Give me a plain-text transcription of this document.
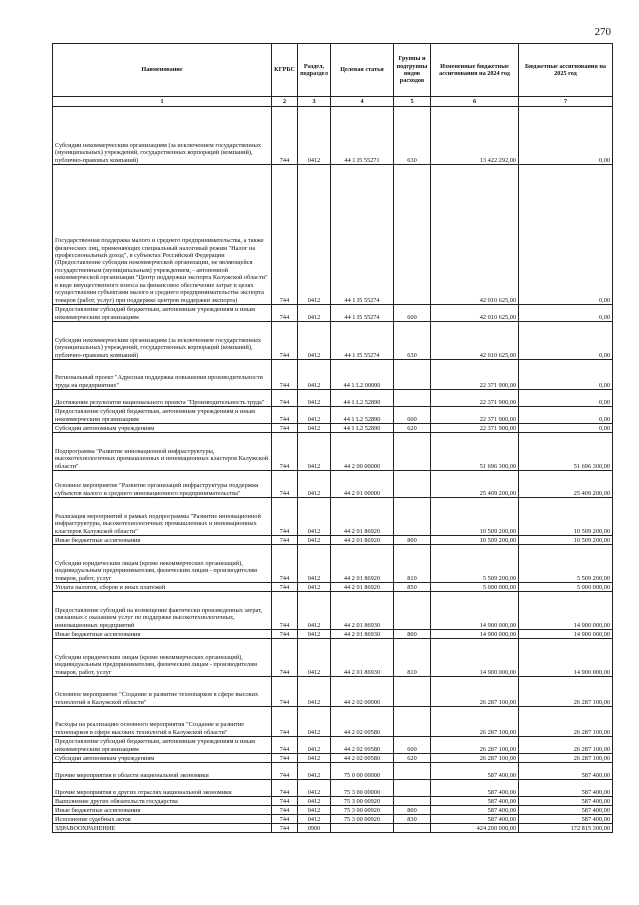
270
Наименование	КГРБС	Раздел, подраздел	Целевая статья	Группы и подгруппы видов расходов	Измененные бюджетные ассигнования на 2024 год	Бюджетные ассигнования на 2025 год
1	2	3	4	5	6	7
Субсидии некоммерческим организациям (за исключением государственных (муниципальных) учреждений, государственных корпораций (компаний), публично-правовых компаний)	744	0412	44 1 I5 55271	630	13 422 292,00	0,00
Государственная поддержка малого и среднего предпринимательства, а также физических лиц, применяющих специальный налоговый режим "Налог на профессиональный доход", в субъектах Российской Федерации (Предоставление субсидии некоммерческой организации, не являющейся государственным (муниципальным) учреждением, - автономной некоммерческой организации "Центр поддержки экспорта Калужской области" в виде имущественного взноса на финансовое обеспечение затрат в целях осуществления субъектами малого и среднего предпринимательства экспорта товаров (работ, услуг) при поддержке центров поддержки экспорта)	744	0412	44 1 I5 55274		42 010 625,00	0,00
Предоставление субсидий бюджетным, автономным учреждениям и иным некоммерческим организациям	744	0412	44 1 I5 55274	600	42 010 625,00	0,00
Субсидии некоммерческим организациям (за исключением государственных (муниципальных) учреждений, государственных корпораций (компаний), публично-правовых компаний)	744	0412	44 1 I5 55274	630	42 010 625,00	0,00
Региональный проект "Адресная поддержка повышения производительности труда на предприятиях"	744	0412	44 1 L2 00000		22 371 900,00	0,00
Достижение результатов национального проекта "Производительность труда"	744	0412	44 1 L2 52890		22 371 900,00	0,00
Предоставление субсидий бюджетным, автономным учреждениям и иным некоммерческим организациям	744	0412	44 1 L2 52890	600	22 371 900,00	0,00
Субсидии автономным учреждениям	744	0412	44 1 L2 52890	620	22 371 900,00	0,00
Подпрограмма "Развитие инновационной инфраструктуры, высокотехнологичных промышленных и инновационных кластеров Калужской области"	744	0412	44 2 00 00000		51 696 300,00	51 696 300,00
Основное мероприятие "Развитие организаций инфраструктуры поддержки субъектов малого и среднего инновационного предпринимательства"	744	0412	44 2 01 00000		25 409 200,00	25 409 200,00
Реализация мероприятий в рамках подпрограммы "Развитие инновационной инфраструктуры, высокотехнологичных промышленных и инновационных кластеров Калужской области"	744	0412	44 2 01 86920		10 509 200,00	10 509 200,00
Иные бюджетные ассигнования	744	0412	44 2 01 86920	800	10 509 200,00	10 509 200,00
Субсидии юридическим лицам (кроме некоммерческих организаций), индивидуальным предпринимателям, физическим лицам - производителям товаров, работ, услуг	744	0412	44 2 01 86920	810	5 509 200,00	5 509 200,00
Уплата налогов, сборов и иных платежей	744	0412	44 2 01 86920	850	5 000 000,00	5 000 000,00
Предоставление субсидий на возмещение фактически произведенных затрат, связанных с оказанием услуг по поддержке высокотехнологичных, инновационных предприятий	744	0412	44 2 01 86930		14 900 000,00	14 900 000,00
Иные бюджетные ассигнования	744	0412	44 2 01 86930	800	14 900 000,00	14 900 000,00
Субсидии юридическим лицам (кроме некоммерческих организаций), индивидуальным предпринимателям, физическим лицам - производителям товаров, работ, услуг	744	0412	44 2 01 86930	810	14 900 000,00	14 900 000,00
Основное мероприятие "Создание и развитие технопарков в сфере высоких технологий в Калужской области"	744	0412	44 2 02 00000		26 287 100,00	26 287 100,00
Расходы на реализацию основного мероприятия "Создание и развитие технопарков в сфере высоких технологий в Калужской области"	744	0412	44 2 02 00580		26 287 100,00	26 287 100,00
Предоставление субсидий бюджетным, автономным учреждениям и иным некоммерческим организациям	744	0412	44 2 02 00580	600	26 287 100,00	26 287 100,00
Субсидии автономным учреждениям	744	0412	44 2 02 00580	620	26 287 100,00	26 287 100,00
Прочие мероприятия в области национальной экономики	744	0412	75 0 00 00000		587 400,00	587 400,00
Прочие мероприятия в других отраслях национальной экономики	744	0412	75 3 00 00000		587 400,00	587 400,00
Выполнение других обязательств государства	744	0412	75 3 00 00920		587 400,00	587 400,00
Иные бюджетные ассигнования	744	0412	75 3 00 00920	800	587 400,00	587 400,00
Исполнение судебных актов	744	0412	75 3 00 00920	830	587 400,00	587 400,00
ЗДРАВООХРАНЕНИЕ	744	0900			424 200 000,00	172 815 300,00
